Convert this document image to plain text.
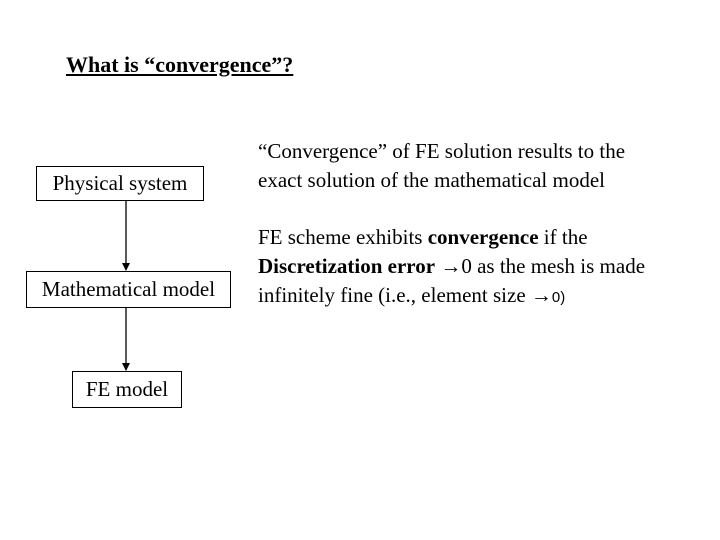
What is “convergence”?
Physical system
Mathematical model
FE model
“Convergence” of FE solution results to the
exact solution of the mathematical model
FE scheme exhibits convergence if the
Discretization error →0 as the mesh is made
infinitely fine (i.e., element size →0)
